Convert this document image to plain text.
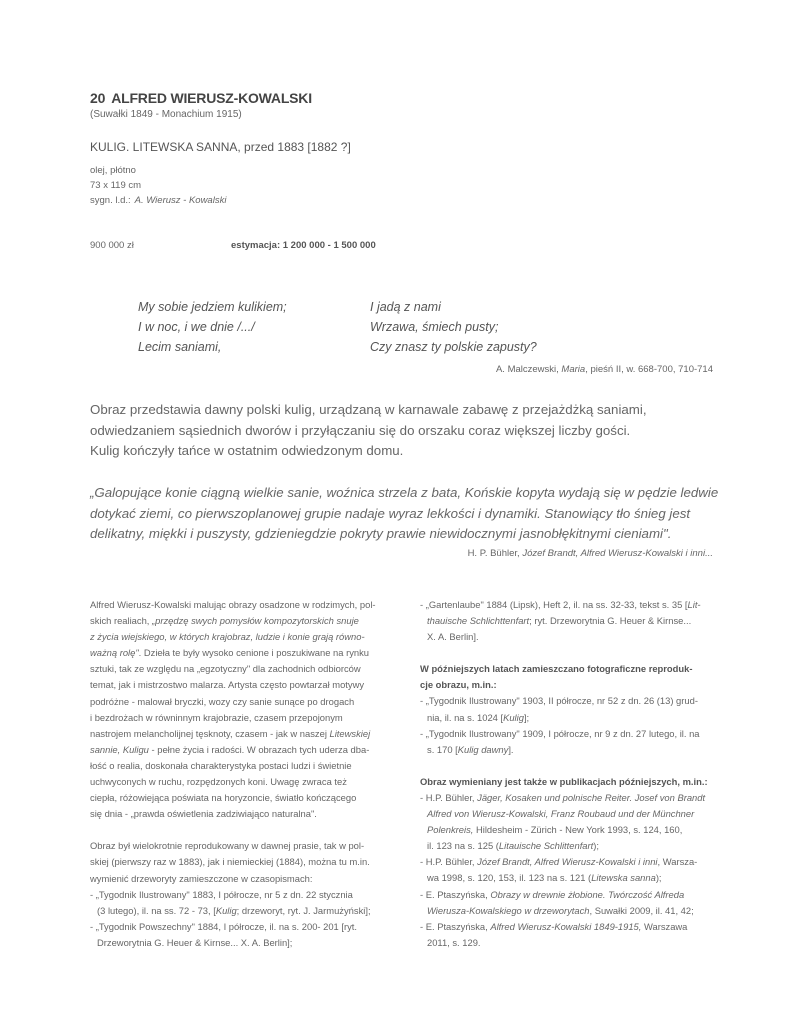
20 ALFRED WIERUSZ-KOWALSKI
(Suwałki 1849 - Monachium 1915)
KULIG. LITEWSKA SANNA, przed 1883 [1882 ?]
olej, płótno
73 x 119 cm
sygn. l.d.: A. Wierusz - Kowalski
900 000 zł	estymacja: 1 200 000 - 1 500 000
My sobie jedziem kulikiem;
I w noc, i we dnie /.../
Lecim saniami,
I jadą z nami
Wrzawa, śmiech pusty;
Czy znasz ty polskie zapusty?
A. Malczewski, Maria, pieśń II, w. 668-700, 710-714
Obraz przedstawia dawny polski kulig, urządzaną w karnawale zabawę z przejażdżką saniami,
odwiedzaniem sąsiednich dworów i przyłączaniu się do orszaku coraz większej liczby gości.
Kulig kończyły tańce w ostatnim odwiedzonym domu.
„Galopujące konie ciągną wielkie sanie, woźnica strzela z bata, Końskie kopyta wydają się w pędzie ledwie
dotykać ziemi, co pierwszoplanowej grupie nadaje wyraz lekkości i dynamiki. Stanowiący tło śnieg jest
delikatny, miękki i puszysty, gdzieniegdzie pokryty prawie niewidocznymi jasnobłękitnymi cieniami".
H. P. Bühler, Józef Brandt, Alfred Wierusz-Kowalski i inni...
Alfred Wierusz-Kowalski malując obrazy osadzone w rodzimych, pol-
skich realiach, „przędzę swych pomysłów kompozytorskich snuje
z życia wiejskiego, w których krajobraz, ludzie i konie grają równo-
ważną rolę". Dzieła te były wysoko cenione i poszukiwane na rynku
sztuki, tak ze względu na „egzotyczny" dla zachodnich odbiorców
temat, jak i mistrzostwo malarza. Artysta często powtarzał motywy
podróżne - malował bryczki, wozy czy sanie sunące po drogach
i bezdrożach w równinnym krajobrazie, czasem przepojonym
nastrojem melancholijnej tęsknoty, czasem - jak w naszej Litewskiej
sannie, Kuligu - pełne życia i radości. W obrazach tych uderza dba-
łość o realia, doskonała charakterystyka postaci ludzi i świetnie
uchwyconych w ruchu, rozpędzonych koni. Uwagę zwraca też
ciepła, różowiejąca poświata na horyzoncie, światło kończącego
się dnia - „prawda oświetlenia zadziwiająco naturalna".
Obraz był wielokrotnie reprodukowany w dawnej prasie, tak w pol-
skiej (pierwszy raz w 1883), jak i niemieckiej (1884), można tu m.in.
wymienić drzeworyty zamieszczone w czasopismach:
- „Tygodnik Ilustrowany" 1883, I półrocze, nr 5 z dn. 22 stycznia
(3 lutego), il. na ss. 72 - 73, [Kulig; drzeworyt, ryt. J. Jarmużyński];
- „Tygodnik Powszechny" 1884, I półrocze, il. na s. 200- 201 [ryt.
Drzeworytnia G. Heuer & Kirnse... X. A. Berlin];
- „Gartenlaube" 1884 (Lipsk), Heft 2, il. na ss. 32-33, tekst s. 35 [Lit-
thauische Schlichttenfart; ryt. Drzeworytnia G. Heuer & Kirnse...
X. A. Berlin].
W późniejszych latach zamieszczano fotograficzne reproduk-
cje obrazu, m.in.:
- „Tygodnik Ilustrowany" 1903, II półrocze, nr 52 z dn. 26 (13) grud-
nia, il. na s. 1024 [Kulig];
- „Tygodnik Ilustrowany" 1909, I półrocze, nr 9 z dn. 27 lutego, il. na
s. 170 [Kulig dawny].
Obraz wymieniany jest także w publikacjach późniejszych, m.in.:
- H.P. Bühler, Jäger, Kosaken und polnische Reiter. Josef von Brandt
Alfred von Wierusz-Kowalski, Franz Roubaud und der Münchner
Polenkreis, Hildesheim - Zürich - New York 1993, s. 124, 160,
il. 123 na s. 125 (Litauische Schlittenfart);
- H.P. Bühler, Józef Brandt, Alfred Wierusz-Kowalski i inni, Warsza-
wa 1998, s. 120, 153, il. 123 na s. 121 (Litewska sanna);
- E. Ptaszyńska, Obrazy w drewnie żłobione. Twórczość Alfreda
Wierusza-Kowalskiego w drzeworytach, Suwałki 2009, il. 41, 42;
- E. Ptaszyńska, Alfred Wierusz-Kowalski 1849-1915, Warszawa
2011, s. 129.
